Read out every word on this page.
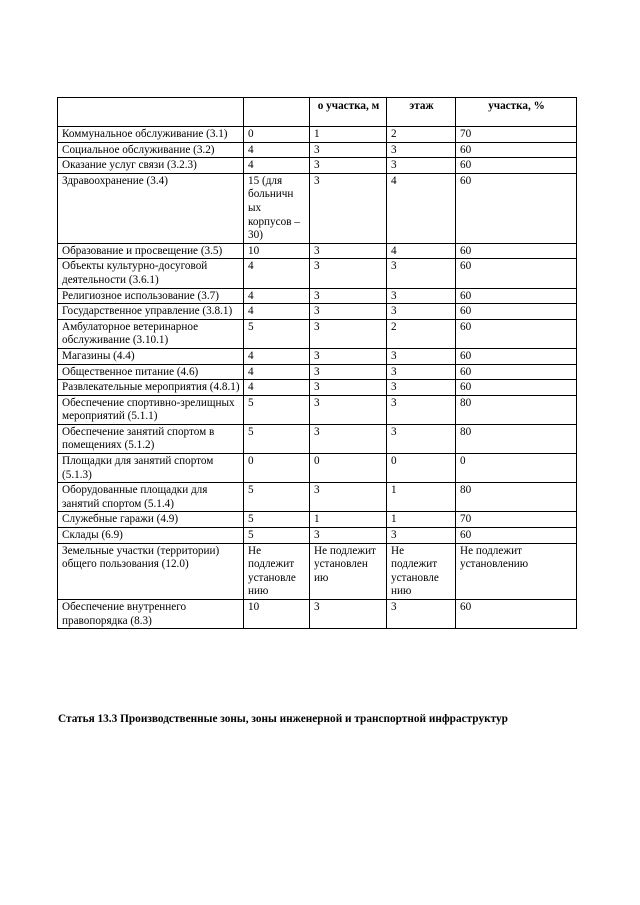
		о участка, м	этаж	участка, %
Коммунальное обслуживание (3.1)	0	1	2	70
Социальное обслуживание (3.2)	4	3	3	60
Оказание услуг связи (3.2.3)	4	3	3	60
Здравоохранение (3.4)	15 (для больничн ых корпусов – 30)	3	4	60
Образование и просвещение (3.5)	10	3	4	60
Объекты культурно-досуговой деятельности (3.6.1)	4	3	3	60
Религиозное использование (3.7)	4	3	3	60
Государственное управление (3.8.1)	4	3	3	60
Амбулаторное ветеринарное обслуживание (3.10.1)	5	3	2	60
Магазины (4.4)	4	3	3	60
Общественное питание (4.6)	4	3	3	60
Развлекательные мероприятия (4.8.1)	4	3	3	60
Обеспечение спортивно-зрелищных мероприятий (5.1.1)	5	3	3	80
Обеспечение занятий спортом в помещениях (5.1.2)	5	3	3	80
Площадки для занятий спортом (5.1.3)	0	0	0	0
Оборудованные площадки для занятий спортом (5.1.4)	5	3	1	80
Служебные гаражи (4.9)	5	1	1	70
Склады (6.9)	5	3	3	60
Земельные участки (территории) общего пользования (12.0)	Не подлежит установле нию	Не подлежит установлен ию	Не подлежит установле нию	Не подлежит установлению
Обеспечение внутреннего правопорядка (8.3)	10	3	3	60
Статья 13.3 Производственные зоны, зоны инженерной и транспортной инфраструктур
